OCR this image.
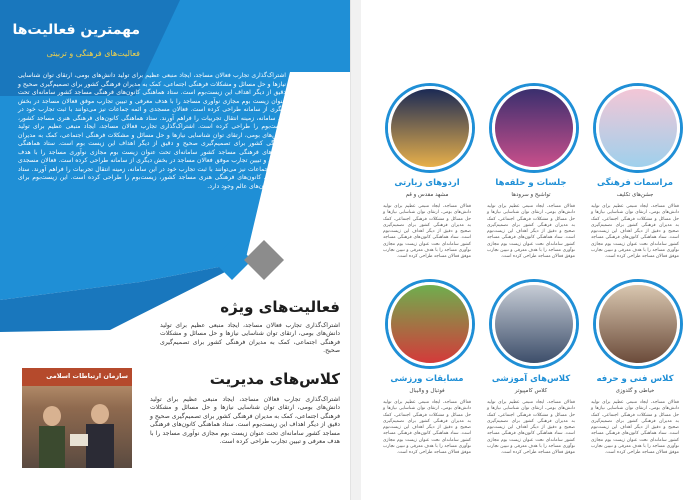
مهمترین فعالیت‌ها
فعالیت‌های فرهنگی و تربیتی
اشتراک‌گذاری تجارب فعالان مساجد، ایجاد منبعی عظیم برای تولید دانش‌های بومی، ارتقای توان شناسایی نیازها و حل مسائل و مشکلات فرهنگی اجتماعی، کمک به مدیران فرهنگی کشور برای تصمیم‌گیری صحیح و دقیق از دیگر اهداف این زیست‌بوم است. ستاد هماهنگی کانون‌های فرهنگی مساجد کشور سامانه‌ای تحت عنوان زیست بوم مجازی نوآوری مساجد را با هدف معرفی و تبیین تجارب موفق فعالان مساجد در بخش دیگری از سامانه طراحی کرده است. فعالان مسجدی و ائمه جماعات نیز می‌توانند با ثبت تجارب خود در این سامانه، زمینه انتقال تجربیات را فراهم آورند. ستاد هماهنگی کانون‌های فرهنگی هنری مساجد کشور، زیست‌بوم را طراحی کرده است. اشتراک‌گذاری تجارب فعالان مساجد، ایجاد منبعی عظیم برای تولید دانش‌های بومی، ارتقای توان شناسایی نیازها و حل مسائل و مشکلات فرهنگی اجتماعی، کمک به مدیران فرهنگی کشور برای تصمیم‌گیری صحیح و دقیق از دیگر اهداف این زیست بوم است. ستاد هماهنگی کانون‌های فرهنگی مساجد کشور سامانه‌ای تحت عنوان زیست بوم مجازی نوآوری مساجد را با هدف معرفی و تبیین تجارب موفق فعالان مساجد در بخش دیگری از سامانه طراحی کرده است. فعالان مسجدی و ائمه جماعات نیز می‌توانند با ثبت تجارب خود در این سامانه، زمینه انتقال تجربیات را فراهم آورند. ستاد هماهنگی کانون‌های فرهنگی هنری مساجد کشور، زیست‌بوم را طراحی کرده است. این زیست‌بوم برای همه انسان‌های عالم وجود دارد.
فعالیت‌های ویژه
اشتراک‌گذاری تجارب فعالان مساجد، ایجاد منبعی عظیم برای تولید دانش‌های بومی، ارتقای توان شناسایی نیازها و حل مسائل و مشکلات فرهنگی اجتماعی، کمک به مدیران فرهنگی کشور برای تصمیم‌گیری صحیح.
کلاس‌های مدیریت
اشتراک‌گذاری تجارب فعالان مساجد، ایجاد منبعی عظیم برای تولید دانش‌های بومی، ارتقای توان شناسایی نیازها و حل مسائل و مشکلات فرهنگی اجتماعی، کمک به مدیران فرهنگی کشور برای تصمیم‌گیری صحیح و دقیق از دیگر اهداف این زیست‌بوم است. ستاد هماهنگی کانون‌های فرهنگی مساجد کشور سامانه‌ای تحت عنوان زیست بوم مجازی نوآوری مساجد را با هدف معرفی و تبیین تجارب طراحی کرده است.
سازمان ارتباطات اسلامی
مراسمات فرهنگی
جشن‌های تکلیف
فعالان مساجد، ایجاد منبعی عظیم برای تولید دانش‌های بومی، ارتقای توان شناسایی نیازها و حل مسائل و مشکلات فرهنگی اجتماعی، کمک به مدیران فرهنگی کشور برای تصمیم‌گیری صحیح و دقیق از دیگر اهداف این زیست‌بوم است. ستاد هماهنگی کانون‌های فرهنگی مساجد کشور سامانه‌ای تحت عنوان زیست بوم مجازی نوآوری مساجد را با هدف معرفی و تبیین تجارب موفق فعالان مساجد طراحی کرده است.
جلسات و حلقه‌ها
تواشیح و سرود‌ها
فعالان مساجد، ایجاد منبعی عظیم برای تولید دانش‌های بومی، ارتقای توان شناسایی نیازها و حل مسائل و مشکلات فرهنگی اجتماعی، کمک به مدیران فرهنگی کشور برای تصمیم‌گیری صحیح و دقیق از دیگر اهداف این زیست‌بوم است. ستاد هماهنگی کانون‌های فرهنگی مساجد کشور سامانه‌ای تحت عنوان زیست بوم مجازی نوآوری مساجد را با هدف معرفی و تبیین تجارب موفق فعالان مساجد طراحی کرده است.
اردوهای زیارتی
مشهد مقدس و قم
فعالان مساجد، ایجاد منبعی عظیم برای تولید دانش‌های بومی، ارتقای توان شناسایی نیازها و حل مسائل و مشکلات فرهنگی اجتماعی، کمک به مدیران فرهنگی کشور برای تصمیم‌گیری صحیح و دقیق از دیگر اهداف این زیست‌بوم است. ستاد هماهنگی کانون‌های فرهنگی مساجد کشور سامانه‌ای تحت عنوان زیست بوم مجازی نوآوری مساجد را با هدف معرفی و تبیین تجارب موفق فعالان مساجد طراحی کرده است.
کلاس فنی و حرفه
خیاطی و گلدوزی
فعالان مساجد، ایجاد منبعی عظیم برای تولید دانش‌های بومی، ارتقای توان شناسایی نیازها و حل مسائل و مشکلات فرهنگی اجتماعی، کمک به مدیران فرهنگی کشور برای تصمیم‌گیری صحیح و دقیق از دیگر اهداف این زیست‌بوم است. ستاد هماهنگی کانون‌های فرهنگی مساجد کشور سامانه‌ای تحت عنوان زیست بوم مجازی نوآوری مساجد را با هدف معرفی و تبیین تجارب موفق فعالان مساجد طراحی کرده است.
کلاس‌های آموزشی
کلاس کامپیوتر
فعالان مساجد، ایجاد منبعی عظیم برای تولید دانش‌های بومی، ارتقای توان شناسایی نیازها و حل مسائل و مشکلات فرهنگی اجتماعی، کمک به مدیران فرهنگی کشور برای تصمیم‌گیری صحیح و دقیق از دیگر اهداف این زیست‌بوم است. ستاد هماهنگی کانون‌های فرهنگی مساجد کشور سامانه‌ای تحت عنوان زیست بوم مجازی نوآوری مساجد را با هدف معرفی و تبیین تجارب موفق فعالان مساجد طراحی کرده است.
مسابقات ورزشی
فوتبال و والیبال
فعالان مساجد، ایجاد منبعی عظیم برای تولید دانش‌های بومی، ارتقای توان شناسایی نیازها و حل مسائل و مشکلات فرهنگی اجتماعی، کمک به مدیران فرهنگی کشور برای تصمیم‌گیری صحیح و دقیق از دیگر اهداف این زیست‌بوم است. ستاد هماهنگی کانون‌های فرهنگی مساجد کشور سامانه‌ای تحت عنوان زیست بوم مجازی نوآوری مساجد را با هدف معرفی و تبیین تجارب موفق فعالان مساجد طراحی کرده است.
